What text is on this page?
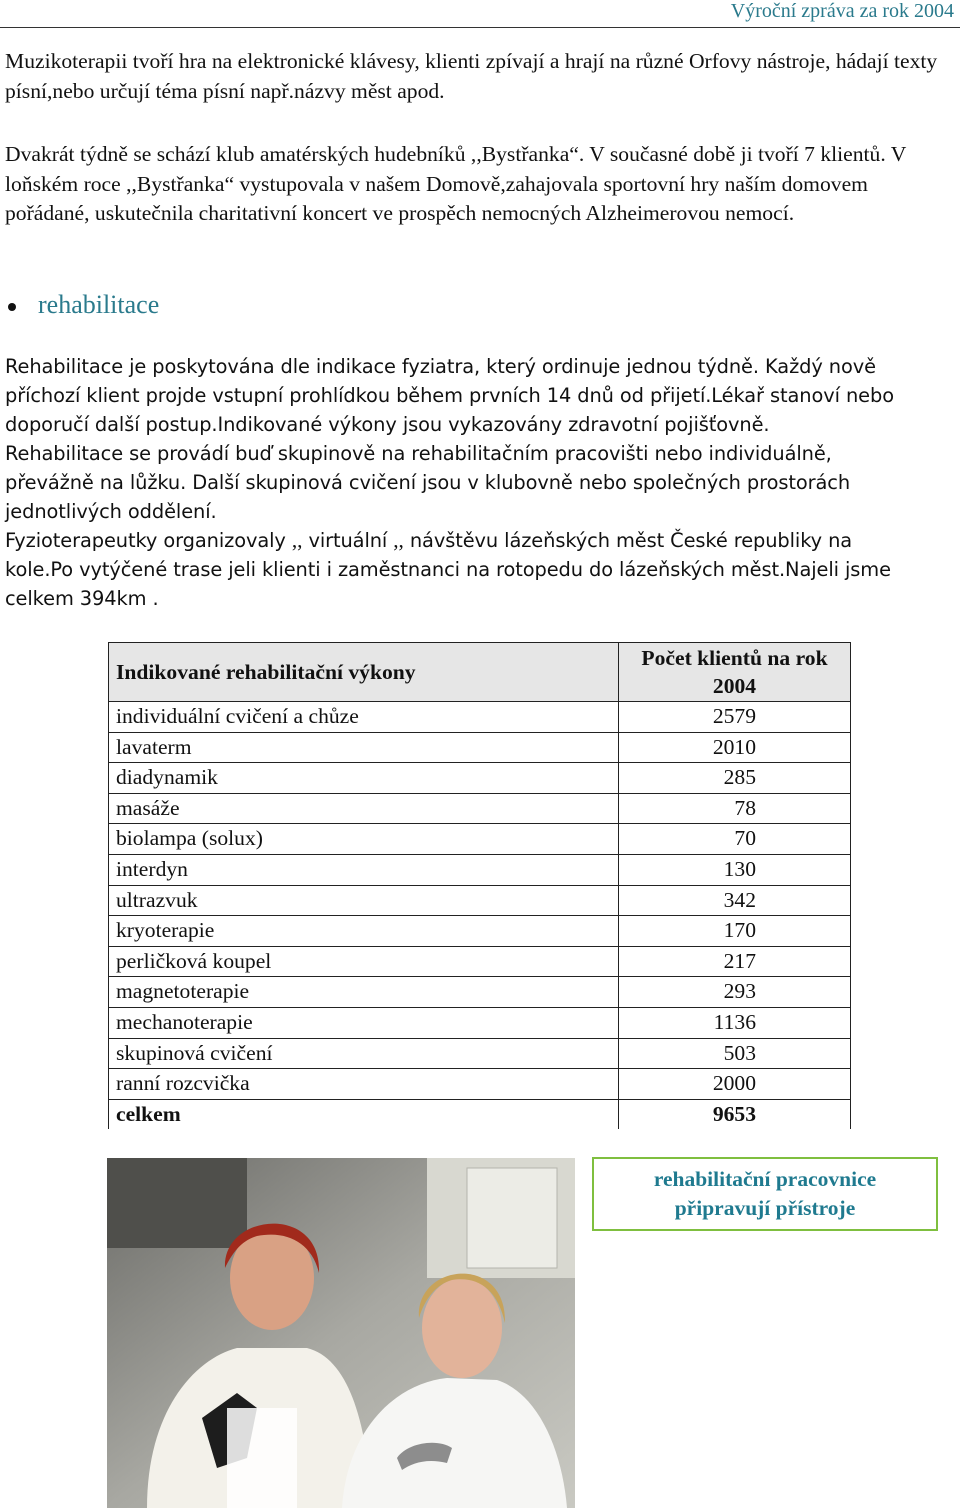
Výroční zpráva za rok 2004

Muzikoterapii tvoří hra na elektronické klávesy, klienti zpívají a hrají na různé Orfovy nástroje, hádají texty písní,nebo určují téma písní např.názvy měst apod.

Dvakrát týdně se schází klub amatérských hudebníků ,,Bystřanka“. V současné době ji tvoří 7 klientů. V loňském roce ,,Bystřanka“ vystupovala v našem Domově,zahajovala sportovní hry naším domovem pořádané, uskutečnila charitativní koncert ve prospěch nemocných Alzheimerovou nemocí.

rehabilitace
Rehabilitace je poskytována dle indikace fyziatra, který ordinuje jednou týdně. Každý nově
příchozí klient projde vstupní prohlídkou během prvních 14 dnů od přijetí.Lékař stanoví nebo
doporučí další postup.Indikované výkony jsou vykazovány zdravotní pojišťovně.
Rehabilitace se provádí buď skupinově na rehabilitačním pracovišti nebo individuálně,
převážně na lůžku. Další skupinová cvičení jsou v klubovně nebo společných prostorách
jednotlivých oddělení.
Fyzioterapeutky organizovaly ,, virtuální ,, návštěvu lázeňských měst České republiky na
kole.Po vytýčené trase jeli klienti i zaměstnanci na rotopedu do lázeňských měst.Najeli jsme
celkem 394km .
Indikované rehabilitační výkony	Počet klientů na rok 2004
individuální cvičení a chůze	2579
lavaterm	2010
diadynamik	285
masáže	78
biolampa (solux)	70
interdyn	130
ultrazvuk	342
kryoterapie	170
perličková koupel	217
magnetoterapie	293
mechanoterapie	1136
skupinová cvičení	503
ranní rozcvička	2000
celkem	9653
rehabilitační pracovnice
připravují přístroje
